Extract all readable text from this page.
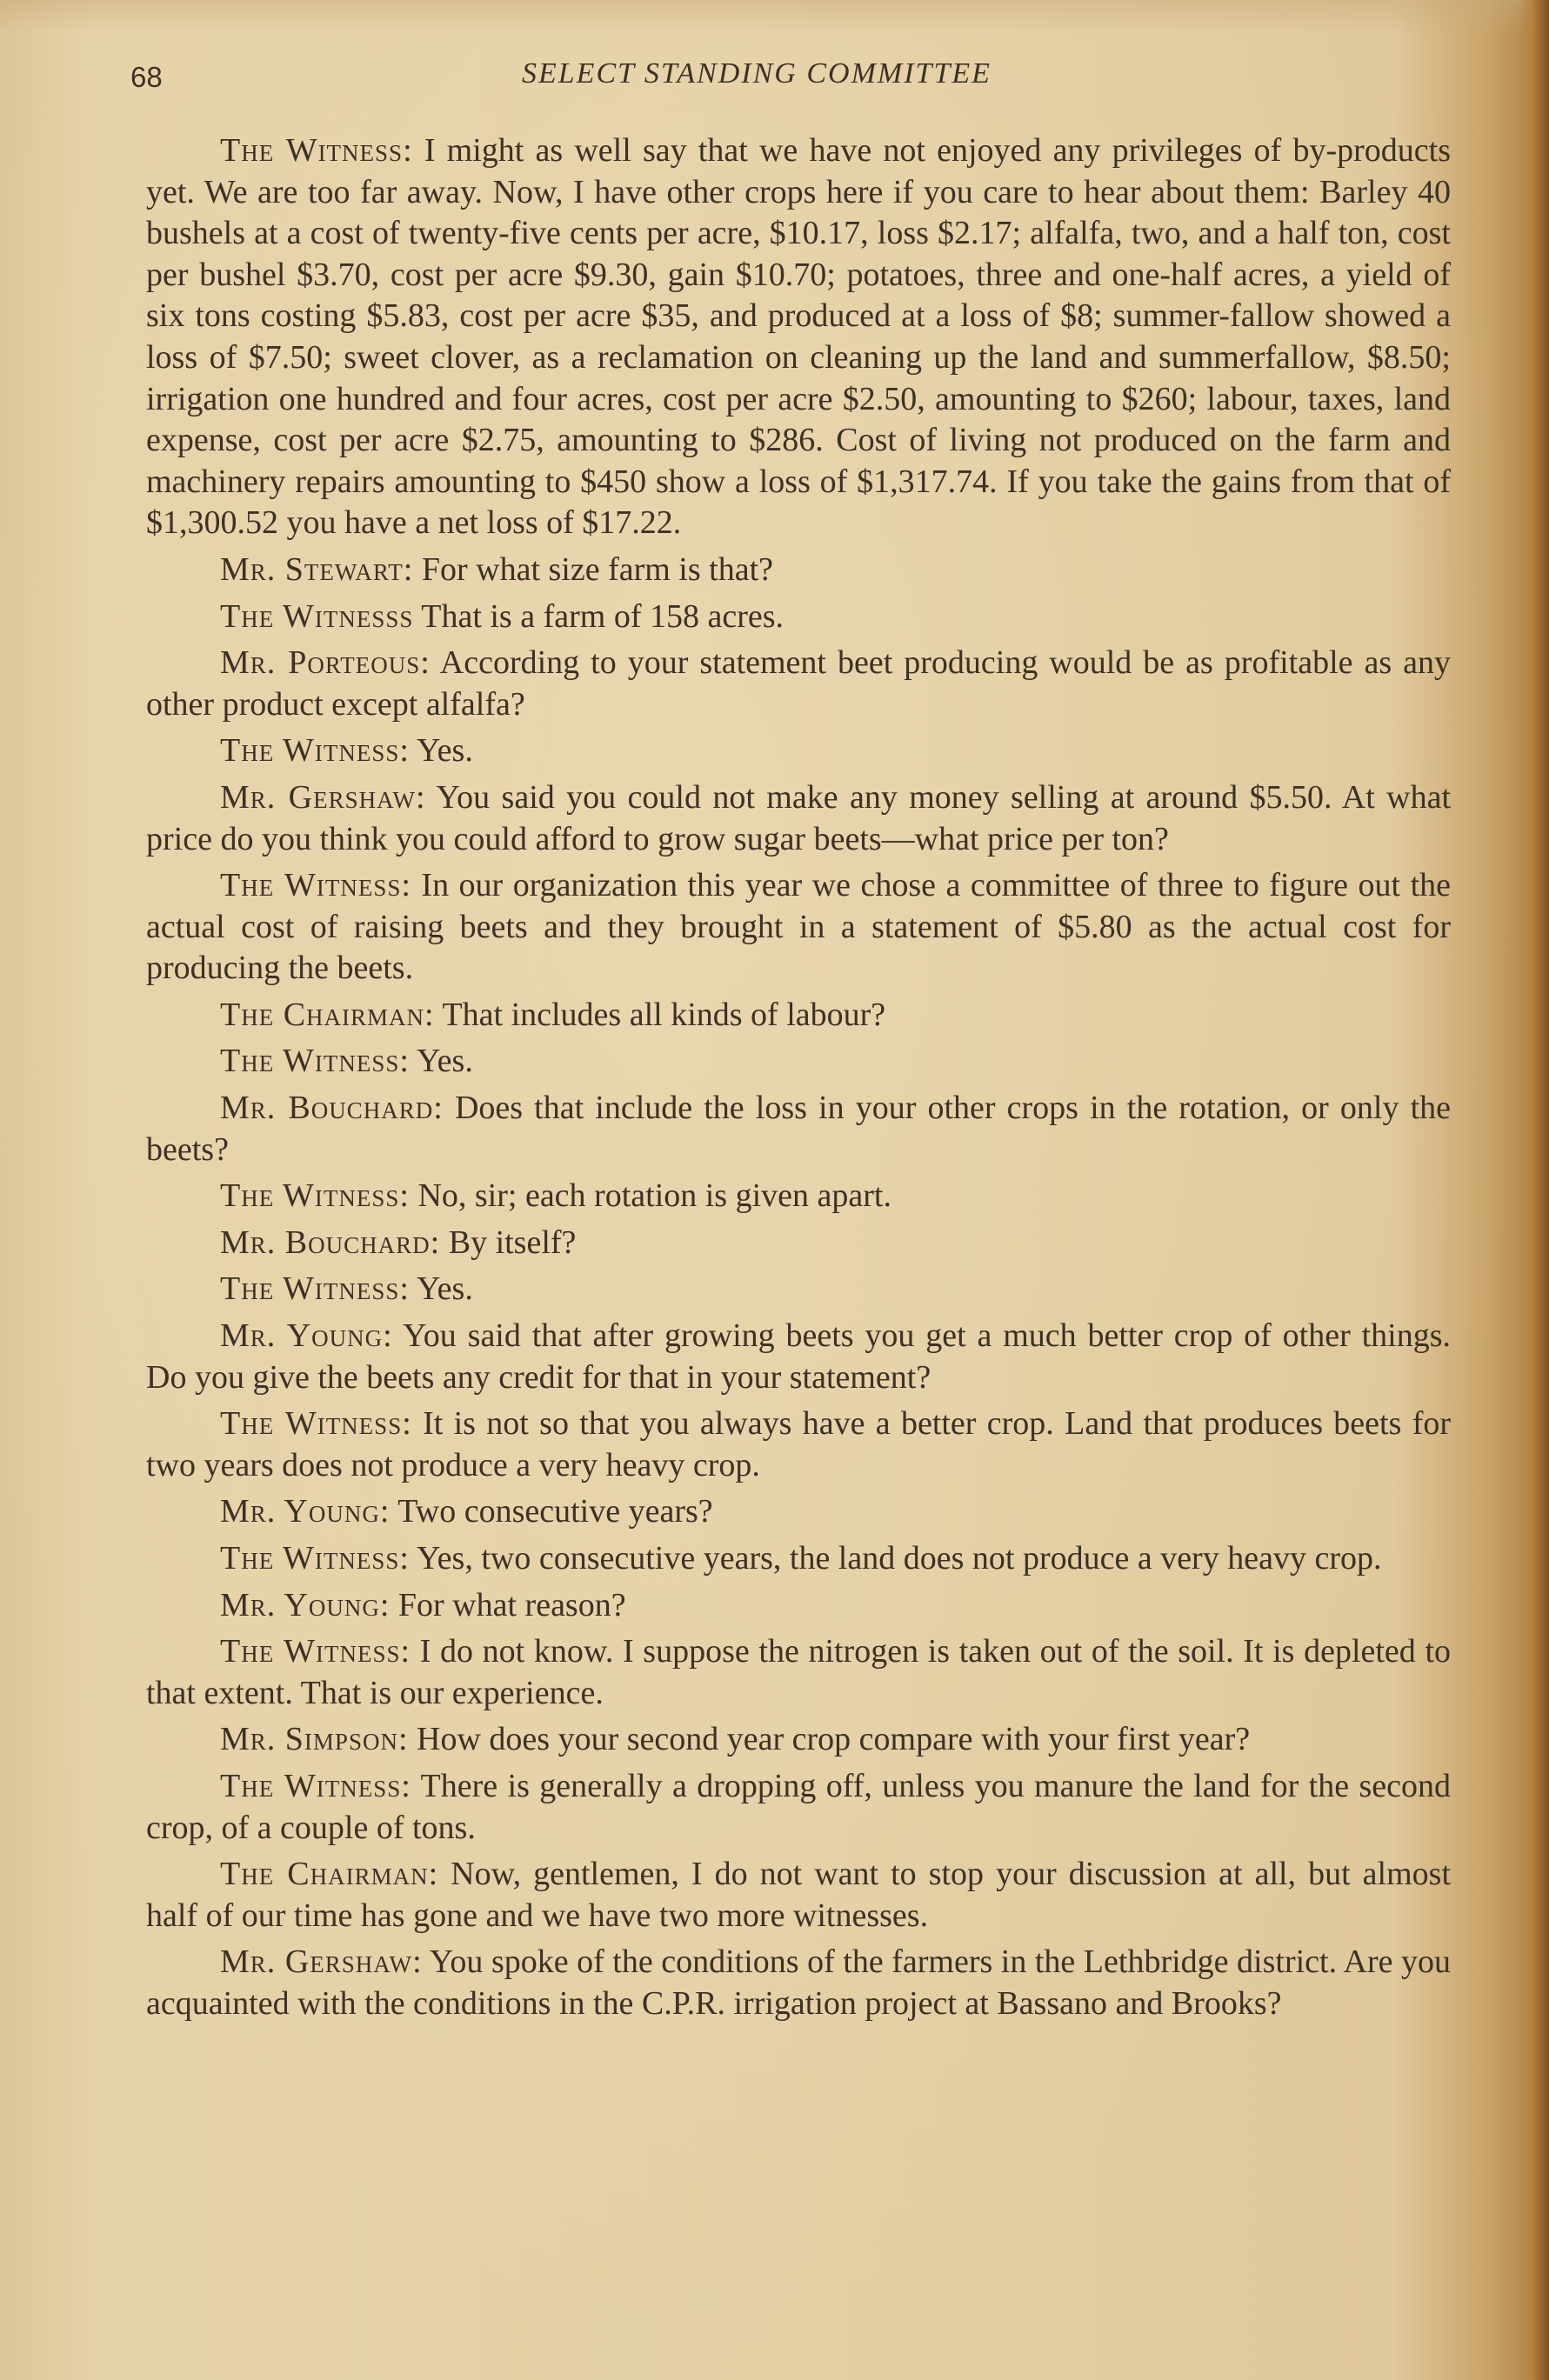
68	SELECT STANDING COMMITTEE

The Witness: I might as well say that we have not enjoyed any privileges of by-products yet. We are too far away. Now, I have other crops here if you care to hear about them: Barley 40 bushels at a cost of twenty-five cents per acre, $10.17, loss $2.17; alfalfa, two, and a half ton, cost per bushel $3.70, cost per acre $9.30, gain $10.70; potatoes, three and one-half acres, a yield of six tons costing $5.83, cost per acre $35, and produced at a loss of $8; summer-fallow showed a loss of $7.50; sweet clover, as a reclamation on cleaning up the land and summerfallow, $8.50; irrigation one hundred and four acres, cost per acre $2.50, amounting to $260; labour, taxes, land expense, cost per acre $2.75, amounting to $286. Cost of living not produced on the farm and machinery repairs amounting to $450 show a loss of $1,317.74. If you take the gains from that of $1,300.52 you have a net loss of $17.22.

Mr. Stewart: For what size farm is that?

The Witnesss That is a farm of 158 acres.

Mr. Porteous: According to your statement beet producing would be as profitable as any other product except alfalfa?

The Witness: Yes.

Mr. Gershaw: You said you could not make any money selling at around $5.50. At what price do you think you could afford to grow sugar beets—what price per ton?

The Witness: In our organization this year we chose a committee of three to figure out the actual cost of raising beets and they brought in a statement of $5.80 as the actual cost for producing the beets.

The Chairman: That includes all kinds of labour?

The Witness: Yes.

Mr. Bouchard: Does that include the loss in your other crops in the rotation, or only the beets?

The Witness: No, sir; each rotation is given apart.

Mr. Bouchard: By itself?

The Witness: Yes.

Mr. Young: You said that after growing beets you get a much better crop of other things. Do you give the beets any credit for that in your statement?

The Witness: It is not so that you always have a better crop. Land that produces beets for two years does not produce a very heavy crop.

Mr. Young: Two consecutive years?

The Witness: Yes, two consecutive years, the land does not produce a very heavy crop.

Mr. Young: For what reason?

The Witness: I do not know. I suppose the nitrogen is taken out of the soil. It is depleted to that extent. That is our experience.

Mr. Simpson: How does your second year crop compare with your first year?

The Witness: There is generally a dropping off, unless you manure the land for the second crop, of a couple of tons.

The Chairman: Now, gentlemen, I do not want to stop your discussion at all, but almost half of our time has gone and we have two more witnesses.

Mr. Gershaw: You spoke of the conditions of the farmers in the Lethbridge district. Are you acquainted with the conditions in the C.P.R. irrigation project at Bassano and Brooks?
